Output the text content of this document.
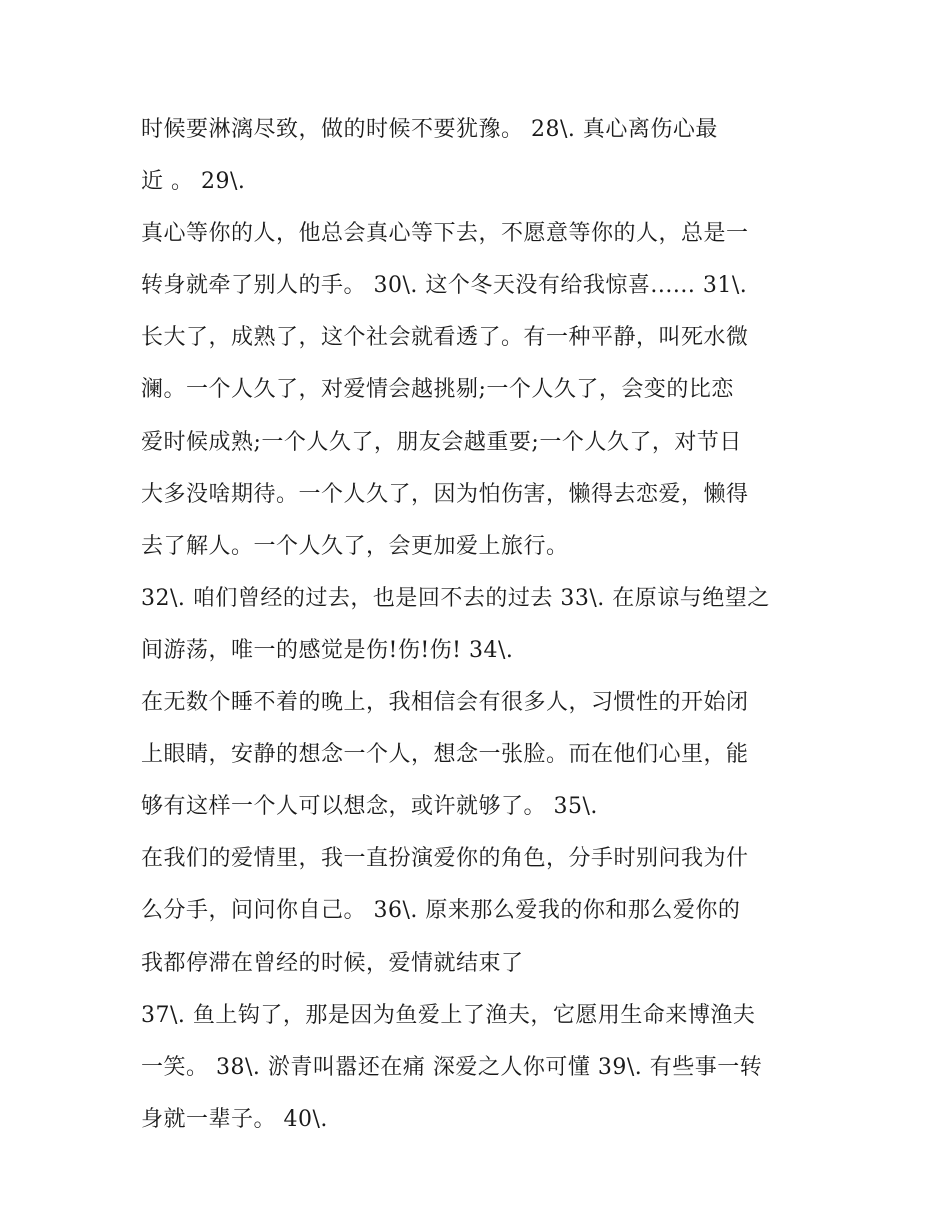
时候要淋漓尽致，做的时候不要犹豫。 28\. 真心离伤心最
近 。 29\.
真心等你的人，他总会真心等下去，不愿意等你的人，总是一
转身就牵了别人的手。 30\. 这个冬天没有给我惊喜...... 31\.
长大了，成熟了，这个社会就看透了。有一种平静，叫死水微
澜。一个人久了，对爱情会越挑剔;一个人久了，会变的比恋
爱时候成熟;一个人久了，朋友会越重要;一个人久了，对节日
大多没啥期待。一个人久了，因为怕伤害，懒得去恋爱，懒得
去了解人。一个人久了，会更加爱上旅行。
32\. 咱们曾经的过去，也是回不去的过去 33\. 在原谅与绝望之
间游荡，唯一的感觉是伤!伤!伤! 34\.
在无数个睡不着的晚上，我相信会有很多人，习惯性的开始闭
上眼睛，安静的想念一个人，想念一张脸。而在他们心里，能
够有这样一个人可以想念，或许就够了。 35\.
在我们的爱情里，我一直扮演爱你的角色，分手时别问我为什
么分手，问问你自己。 36\. 原来那么爱我的你和那么爱你的
我都停滞在曾经的时候，爱情就结束了
37\. 鱼上钩了，那是因为鱼爱上了渔夫，它愿用生命来博渔夫
一笑。 38\. 淤青叫嚣还在痛 深爱之人你可懂 39\. 有些事一转
身就一辈子。 40\.
